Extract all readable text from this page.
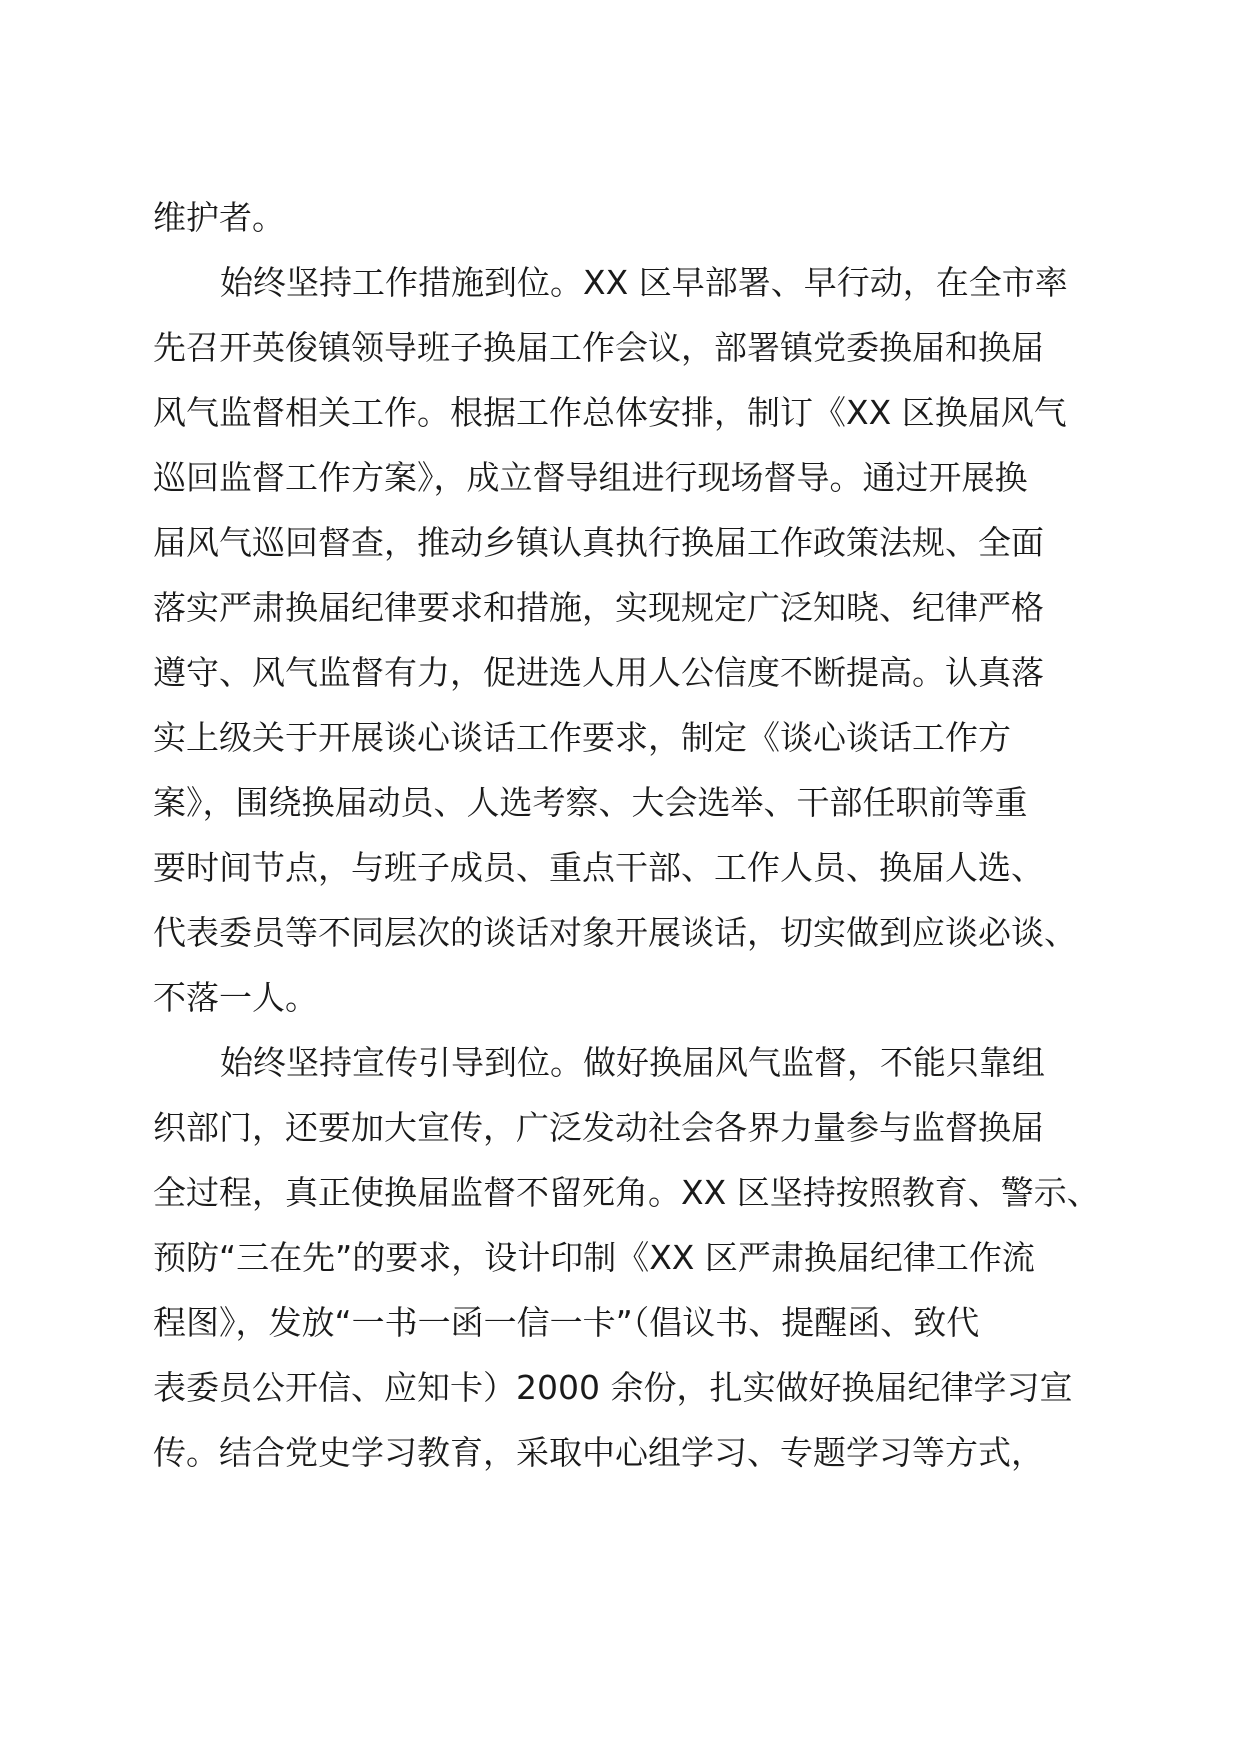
维护者。

始终坚持工作措施到位。XX 区早部署、早行动，在全市率

先召开英俊镇领导班子换届工作会议，部署镇党委换届和换届

风气监督相关工作。根据工作总体安排，制订《XX 区换届风气

巡回监督工作方案》，成立督导组进行现场督导。通过开展换

届风气巡回督查，推动乡镇认真执行换届工作政策法规、全面

落实严肃换届纪律要求和措施，实现规定广泛知晓、纪律严格

遵守、风气监督有力，促进选人用人公信度不断提高。认真落

实上级关于开展谈心谈话工作要求，制定《谈心谈话工作方

案》，围绕换届动员、人选考察、大会选举、干部任职前等重

要时间节点，与班子成员、重点干部、工作人员、换届人选、

代表委员等不同层次的谈话对象开展谈话，切实做到应谈必谈、

不落一人。

始终坚持宣传引导到位。做好换届风气监督，不能只靠组

织部门，还要加大宣传，广泛发动社会各界力量参与监督换届

全过程，真正使换届监督不留死角。XX 区坚持按照教育、警示、

预防“三在先”的要求，设计印制《XX 区严肃换届纪律工作流

程图》，发放“一书一函一信一卡”（倡议书、提醒函、致代

表委员公开信、应知卡）2000 余份，扎实做好换届纪律学习宣

传。结合党史学习教育，采取中心组学习、专题学习等方式，
